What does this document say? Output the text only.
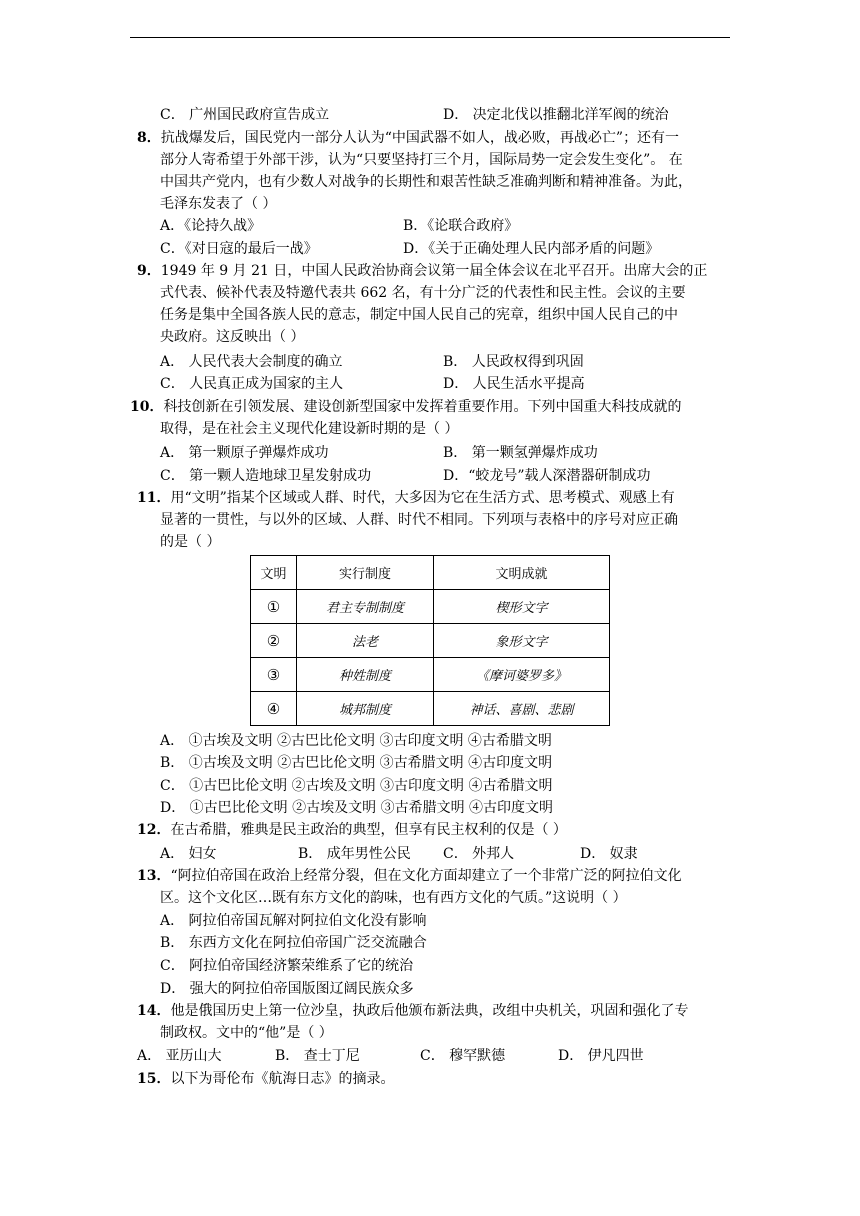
C． 广州国民政府宣告成立	D． 决定北伐以推翻北洋军阀的统治
8．抗战爆发后，国民党内一部分人认为“中国武器不如人，战必败，再战必亡”；还有一
部分人寄希望于外部干涉，认为“只要坚持打三个月，国际局势一定会发生变化”。 在
中国共产党内，也有少数人对战争的长期性和艰苦性缺乏准确判断和精神准备。为此，
毛泽东发表了（ ）
A．《论持久战》	B．《论联合政府》
C．《对日寇的最后一战》	D．《关于正确处理人民内部矛盾的问题》
9．1949 年 9 月 21 日，中国人民政治协商会议第一届全体会议在北平召开。出席大会的正
式代表、候补代表及特邀代表共 662 名，有十分广泛的代表性和民主性。会议的主要
任务是集中全国各族人民的意志，制定中国人民自己的宪章，组织中国人民自己的中
央政府。这反映出（ ）
A． 人民代表大会制度的确立	B． 人民政权得到巩固
C． 人民真正成为国家的主人	D． 人民生活水平提高
10．科技创新在引领发展、建设创新型国家中发挥着重要作用。下列中国重大科技成就的
取得，是在社会主义现代化建设新时期的是（ ）
A． 第一颗原子弹爆炸成功	B． 第一颗氢弹爆炸成功
C． 第一颗人造地球卫星发射成功	D．“蛟龙号”载人深潜器研制成功
11．用“文明”指某个区域或人群、时代，大多因为它在生活方式、思考模式、观感上有
显著的一贯性，与以外的区域、人群、时代不相同。下列项与表格中的序号对应正确
的是（ ）
文明	实行制度	文明成就
①	君主专制制度	楔形文字
②	法老	象形文字
③	种姓制度	《摩诃婆罗多》
④	城邦制度	神话、喜剧、悲剧
A． ①古埃及文明 ②古巴比伦文明 ③古印度文明 ④古希腊文明
B． ①古埃及文明 ②古巴比伦文明 ③古希腊文明 ④古印度文明
C． ①古巴比伦文明 ②古埃及文明 ③古印度文明 ④古希腊文明
D． ①古巴比伦文明 ②古埃及文明 ③古希腊文明 ④古印度文明
12．在古希腊，雅典是民主政治的典型，但享有民主权利的仅是（ ）
A． 妇女	B． 成年男性公民 C． 外邦人	D． 奴隶
13．“阿拉伯帝国在政治上经常分裂，但在文化方面却建立了一个非常广泛的阿拉伯文化
区。这个文化区…既有东方文化的韵味，也有西方文化的气质。”这说明（ ）
A． 阿拉伯帝国瓦解对阿拉伯文化没有影响
B． 东西方文化在阿拉伯帝国广泛交流融合
C． 阿拉伯帝国经济繁荣维系了它的统治
D． 强大的阿拉伯帝国版图辽阔民族众多
14．他是俄国历史上第一位沙皇，执政后他颁布新法典，改组中央机关，巩固和强化了专
制政权。文中的“他”是（ ）
A． 亚历山大	B． 查士丁尼	C． 穆罕默德	D． 伊凡四世
15．以下为哥伦布《航海日志》的摘录。
